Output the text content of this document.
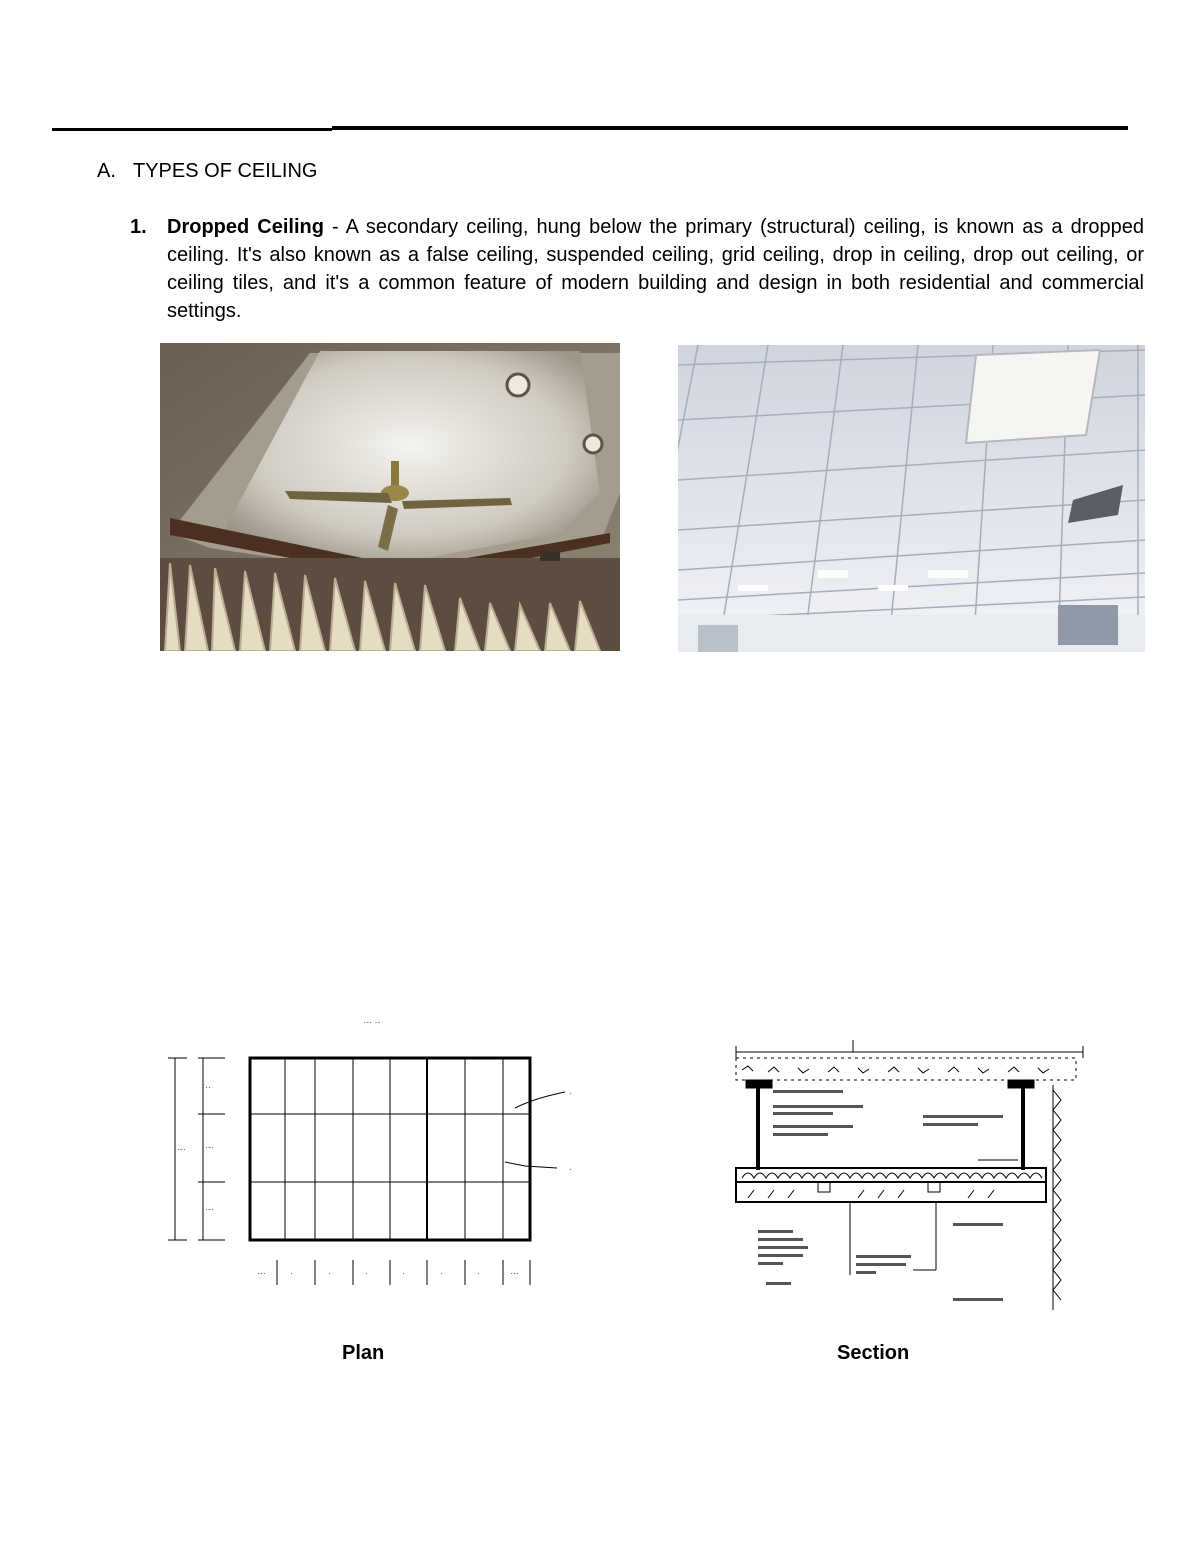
A. TYPES OF CEILING
1. Dropped Ceiling - A secondary ceiling, hung below the primary (structural) ceiling, is known as a dropped ceiling. It's also known as a false ceiling, suspended ceiling, grid ceiling, drop in ceiling, drop out ceiling, or ceiling tiles, and it's a common feature of modern building and design in both residential and commercial settings.
·-· ·-
·-·
··
·-·
·-·
·
·
·-·	·	·	·	·	·	·	·-·
Plan	Section
